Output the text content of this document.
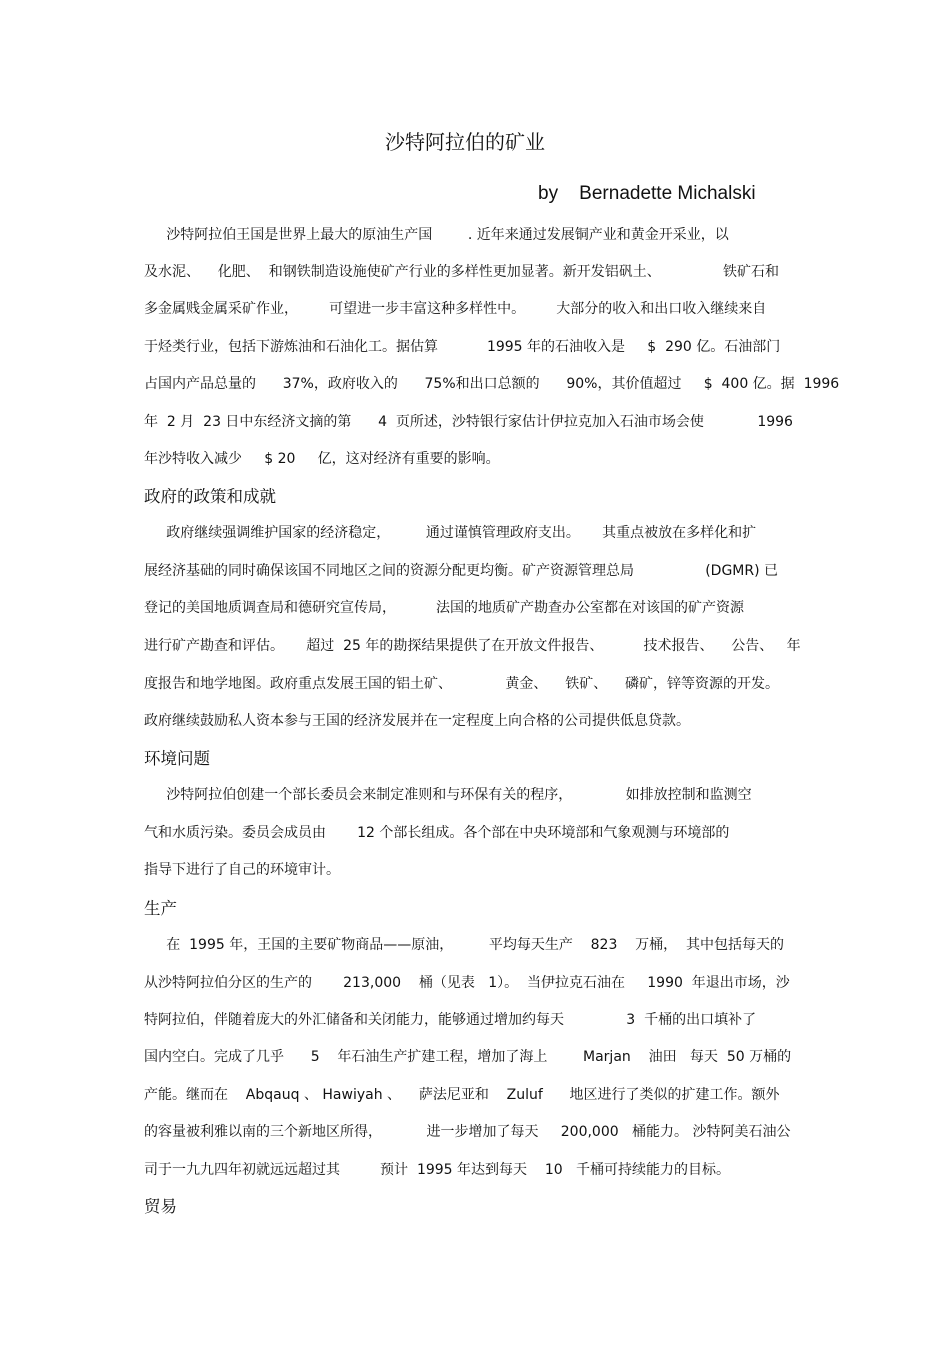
沙特阿拉伯的矿业
by    Bernadette Michalski
沙特阿拉伯王国是世界上最大的原油生产国        . 近年来通过发展铜产业和黄金开采业，以
及水泥、    化肥、  和钢铁制造设施使矿产行业的多样性更加显著。新开发铝矾土、              铁矿石和
多金属贱金属采矿作业，       可望进一步丰富这种多样性中。       大部分的收入和出口收入继续来自
于烃类行业，包括下游炼油和石油化工。据估算           1995 年的石油收入是     $  290 亿。石油部门
占国内产品总量的      37%，政府收入的      75%和出口总额的      90%，其价值超过     $  400 亿。据  1996
年  2 月  23 日中东经济文摘的第      4  页所述，沙特银行家估计伊拉克加入石油市场会使            1996
年沙特收入减少     $ 20     亿，这对经济有重要的影响。
政府的政策和成就
政府继续强调维护国家的经济稳定，        通过谨慎管理政府支出。     其重点被放在多样化和扩
展经济基础的同时确保该国不同地区之间的资源分配更均衡。矿产资源管理总局                (DGMR) 已
登记的美国地质调查局和德研究宣传局，         法国的地质矿产勘查办公室都在对该国的矿产资源
进行矿产勘查和评估。     超过  25 年的勘探结果提供了在开放文件报告、         技术报告、    公告、   年
度报告和地学地图。政府重点发展王国的铝土矿、            黄金、    铁矿、    磷矿，锌等资源的开发。
政府继续鼓励私人资本参与王国的经济发展并在一定程度上向合格的公司提供低息贷款。
环境问题
沙特阿拉伯创建一个部长委员会来制定准则和与环保有关的程序，            如排放控制和监测空
气和水质污染。委员会成员由       12 个部长组成。各个部在中央环境部和气象观测与环境部的
指导下进行了自己的环境审计。
生产
在  1995 年，王国的主要矿物商品——原油，        平均每天生产    823    万桶，  其中包括每天的
从沙特阿拉伯分区的生产的       213,000    桶（见表   1）。  当伊拉克石油在     1990  年退出市场，沙
特阿拉伯，伴随着庞大的外汇储备和关闭能力，能够通过增加约每天              3  千桶的出口填补了
国内空白。完成了几乎      5    年石油生产扩建工程，增加了海上        Marjan    油田   每天  50 万桶的
产能。继而在    Abqauq 、 Hawiyah 、    萨法尼亚和    Zuluf      地区进行了类似的扩建工作。额外
的容量被利雅以南的三个新地区所得，          进一步增加了每天     200,000   桶能力。 沙特阿美石油公
司于一九九四年初就远远超过其         预计  1995 年达到每天    10   千桶可持续能力的目标。
贸易
